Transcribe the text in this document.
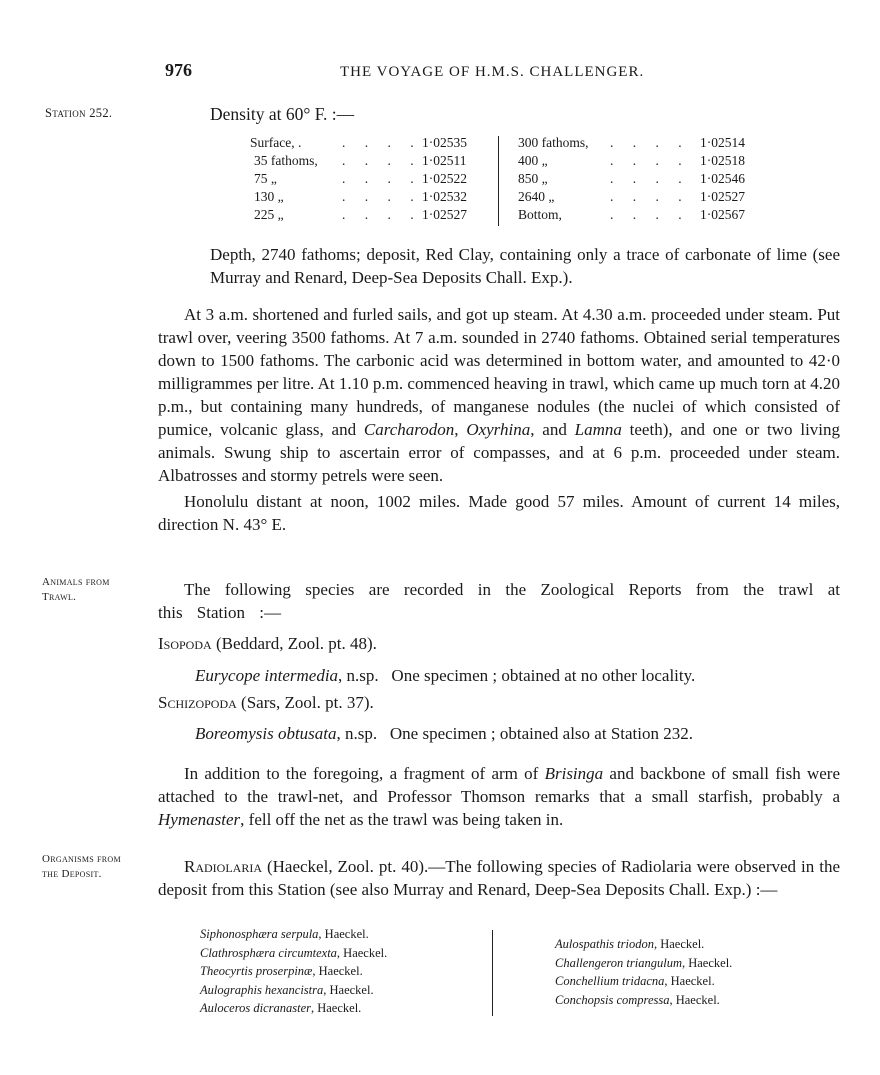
976	THE VOYAGE OF H.M.S. CHALLENGER.
Station 252.
Animals from
Trawl.
Organisms from
the Deposit.
Density at 60° F. :—
Surface, .	. . . . 1·02535
35 fathoms, . . . . 1·02511
75 „	. . . . 1·02522
130 „	. . . . 1·02532
225 „	. . . . 1·02527
300 fathoms, . . . . 1·02514
400 „	. . . . 1·02518
850 „	. . . . 1·02546
2640 „	. . . . 1·02527
Bottom,	. . . . 1·02567

Depth, 2740 fathoms; deposit, Red Clay, containing only a trace of carbonate of lime (see Murray and Renard, Deep-Sea Deposits Chall. Exp.).

At 3 a.m. shortened and furled sails, and got up steam. At 4.30 a.m. proceeded under steam. Put trawl over, veering 3500 fathoms. At 7 a.m. sounded in 2740 fathoms. Obtained serial temperatures down to 1500 fathoms. The carbonic acid was determined in bottom water, and amounted to 42·0 milligrammes per litre. At 1.10 p.m. commenced heaving in trawl, which came up much torn at 4.20 p.m., but containing many hundreds, of manganese nodules (the nuclei of which consisted of pumice, volcanic glass, and Carcharodon, Oxyrhina, and Lamna teeth), and one or two living animals. Swung ship to ascertain error of compasses, and at 6 p.m. proceeded under steam. Albatrosses and stormy petrels were seen.

Honolulu distant at noon, 1002 miles. Made good 57 miles. Amount of current 14 miles, direction N. 43° E.

The following species are recorded in the Zoological Reports from the trawl at this Station :—

Isopoda (Beddard, Zool. pt. 48).
Eurycope intermedia, n.sp.   One specimen ; obtained at no other locality.
Schizopoda (Sars, Zool. pt. 37).
Boreomysis obtusata, n.sp.   One specimen ; obtained also at Station 232.

In addition to the foregoing, a fragment of arm of Brisinga and backbone of small fish were attached to the trawl-net, and Professor Thomson remarks that a small starfish, probably a Hymenaster, fell off the net as the trawl was being taken in.

Radiolaria (Haeckel, Zool. pt. 40).—The following species of Radiolaria were observed in the deposit from this Station (see also Murray and Renard, Deep-Sea Deposits Chall. Exp.) :—

Siphonosphæra serpula, Haeckel.
Clathrosphæra circumtexta, Haeckel.
Theocyrtis proserpinæ, Haeckel.
Aulographis hexancistra, Haeckel.
Auloceros dicranaster, Haeckel.
Aulospathis triodon, Haeckel.
Challengeron triangulum, Haeckel.
Conchellium tridacna, Haeckel.
Conchopsis compressa, Haeckel.
